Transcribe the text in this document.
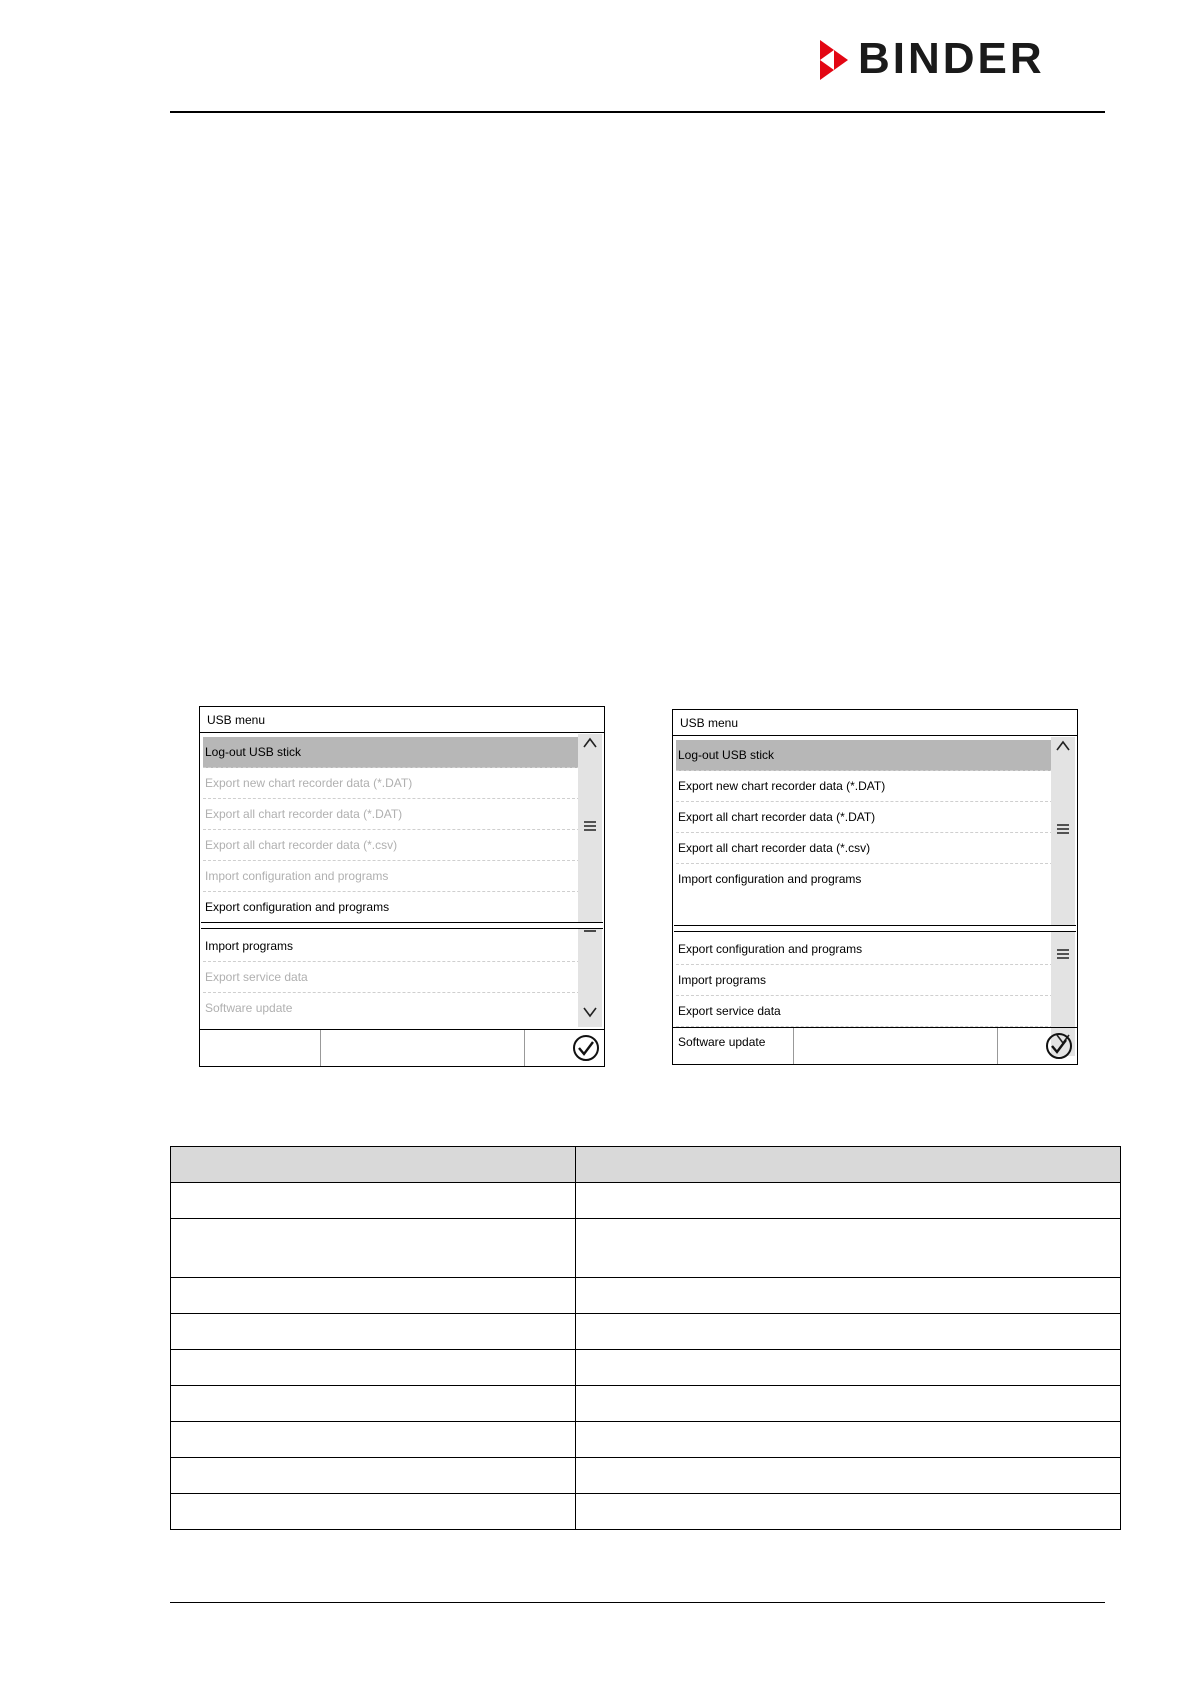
BINDER
USB menu
Log-out USB stick
Export new chart recorder data (*.DAT)
Export all chart recorder data (*.DAT)
Export all chart recorder data (*.csv)
Import configuration and programs
Export configuration and programs
Import programs
Export service data
Software update
USB menu
Log-out USB stick
Export new chart recorder data (*.DAT)
Export all chart recorder data (*.DAT)
Export all chart recorder data (*.csv)
Import configuration and programs
Export configuration and programs
Import programs
Export service data
Software update
